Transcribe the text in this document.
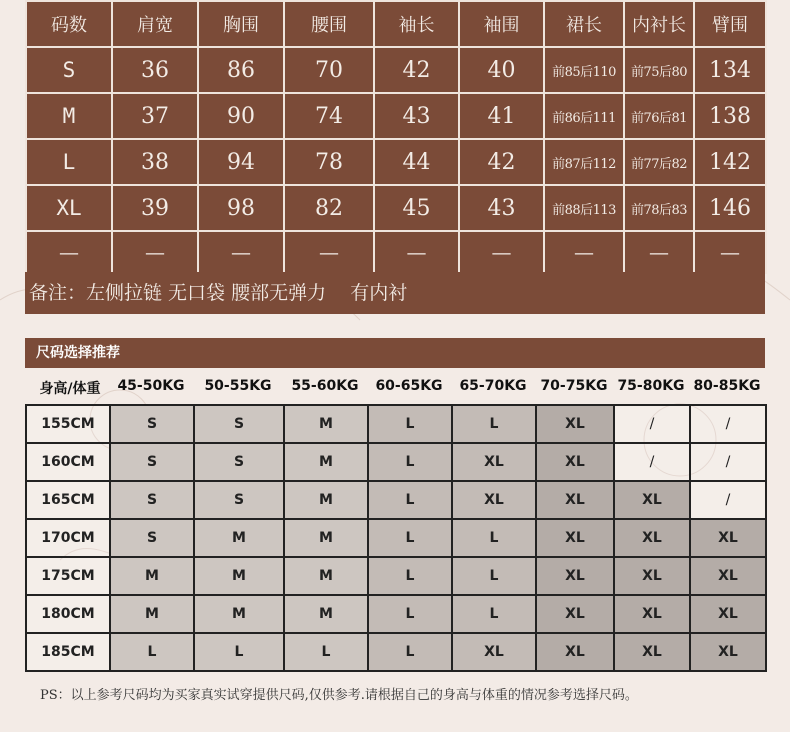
码数	肩宽	胸围	腰围	袖长	袖围	裙长	内衬长	臂围
S	36	86	70	42	40	前85后110	前75后80	134
M	37	90	74	43	41	前86后111	前76后81	138
L	38	94	78	44	42	前87后112	前77后82	142
XL	39	98	82	45	43	前88后113	前78后83	146
—	—	—	—	—	—	—	—	—
备注：左侧拉链 无口袋 腰部无弹力    有内衬
尺码选择推荐
身高/体重	45-50KG	50-55KG	55-60KG	60-65KG	65-70KG 70-75KG 75-80KG 80-85KG
155CM	S	S	M	L	L	XL	/	/
160CM	S	S	M	L	XL	XL	/	/
165CM	S	S	M	L	XL	XL	XL	/
170CM	S	M	M	L	L	XL	XL	XL
175CM	M	M	M	L	L	XL	XL	XL
180CM	M	M	M	L	L	XL	XL	XL
185CM	L	L	L	L	XL	XL	XL	XL
PS：以上参考尺码均为买家真实试穿提供尺码,仅供参考.请根据自己的身高与体重的情况参考选择尺码。
